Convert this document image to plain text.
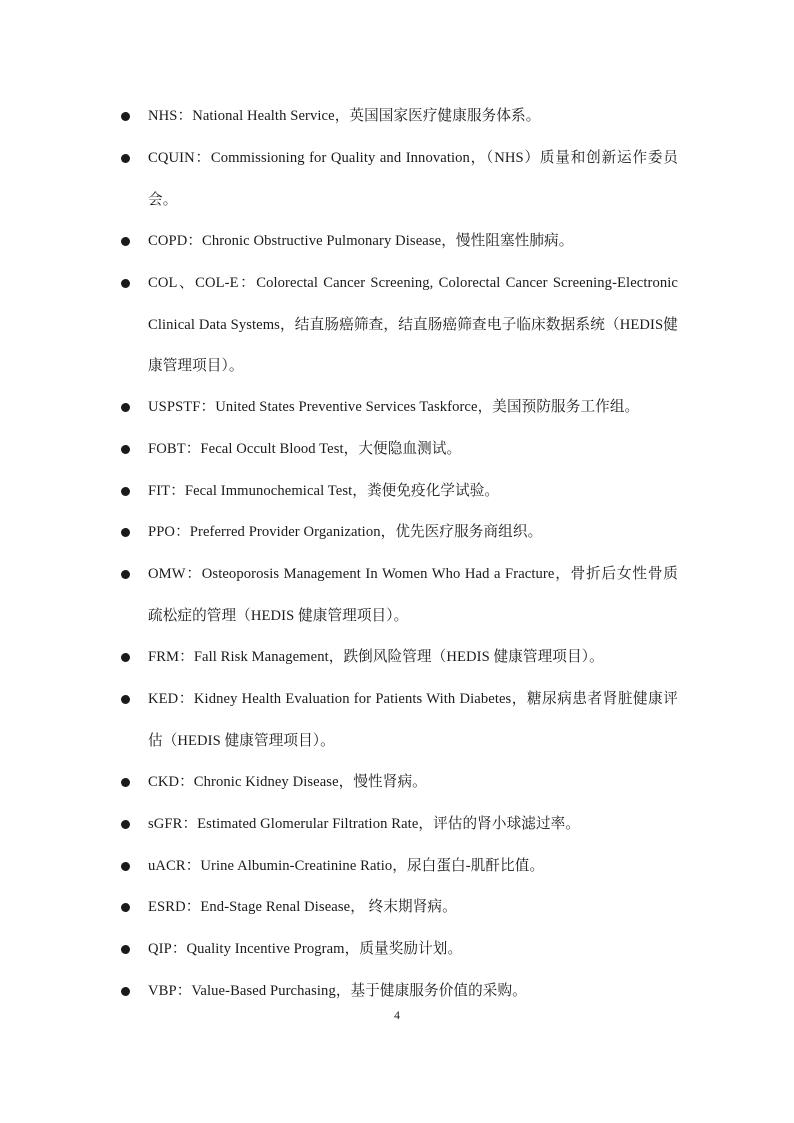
NHS：National Health Service，英国国家医疗健康服务体系。
CQUIN：Commissioning for Quality and Innovation，（NHS）质量和创新运作委员会。
COPD：Chronic Obstructive Pulmonary Disease，慢性阻塞性肺病。
COL、COL-E：Colorectal Cancer Screening, Colorectal Cancer Screening-Electronic Clinical Data Systems，结直肠癌筛查，结直肠癌筛查电子临床数据系统（HEDIS健康管理项目）。
USPSTF：United States Preventive Services Taskforce，美国预防服务工作组。
FOBT：Fecal Occult Blood Test，大便隐血测试。
FIT：Fecal Immunochemical Test，粪便免疫化学试验。
PPO：Preferred Provider Organization，优先医疗服务商组织。
OMW：Osteoporosis Management In Women Who Had a Fracture，骨折后女性骨质疏松症的管理（HEDIS 健康管理项目）。
FRM：Fall Risk Management，跌倒风险管理（HEDIS 健康管理项目）。
KED：Kidney Health Evaluation for Patients With Diabetes，糖尿病患者肾脏健康评估（HEDIS 健康管理项目）。
CKD：Chronic Kidney Disease，慢性肾病。
sGFR：Estimated Glomerular Filtration Rate，评估的肾小球滤过率。
uACR：Urine Albumin-Creatinine Ratio，尿白蛋白-肌酐比值。
ESRD：End-Stage Renal Disease， 终末期肾病。
QIP：Quality Incentive Program，质量奖励计划。
VBP：Value-Based Purchasing，基于健康服务价值的采购。
4
